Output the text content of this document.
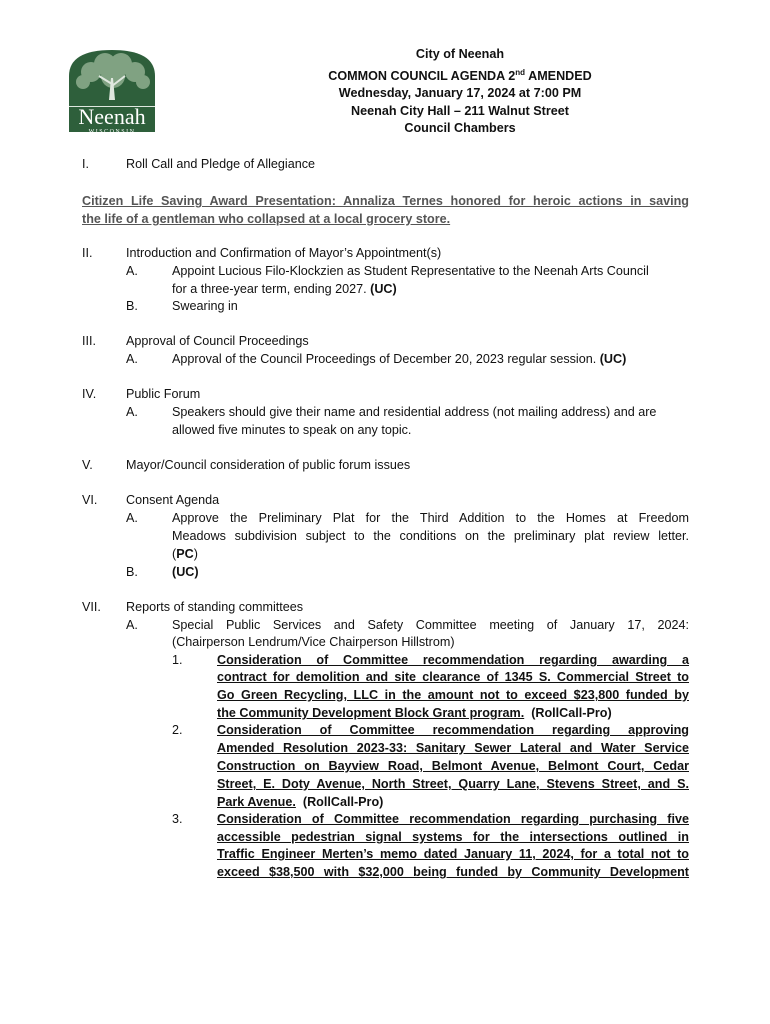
Neenah
WISCONSIN
City of Neenah
COMMON COUNCIL AGENDA 2nd AMENDED
Wednesday, January 17, 2024 at 7:00 PM
Neenah City Hall – 211 Walnut Street
Council Chambers
I.	Roll Call and Pledge of Allegiance
Citizen Life Saving Award Presentation: Annaliza Ternes honored for heroic actions in saving
the life of a gentleman who collapsed at a local grocery store.
II.	Introduction and Confirmation of Mayor’s Appointment(s)
A.	Appoint Lucious Filo-Klockzien as Student Representative to the Neenah Arts Council
for a three-year term, ending 2027. (UC)
B.	Swearing in
III. Approval of Council Proceedings
A.	Approval of the Council Proceedings of December 20, 2023 regular session. (UC)
IV. Public Forum
A.	Speakers should give their name and residential address (not mailing address) and are
allowed five minutes to speak on any topic.
V.	Mayor/Council consideration of public forum issues
VI. Consent Agenda
A.	Approve the Preliminary Plat for the Third Addition to the Homes at Freedom
Meadows subdivision subject to the conditions on the preliminary plat review letter.
(PC)
B.	(UC)
VII. Reports of standing committees
A.	Special Public Services and Safety Committee meeting of January 17, 2024:
(Chairperson Lendrum/Vice Chairperson Hillstrom)
1.	Consideration of Committee recommendation regarding awarding a
contract for demolition and site clearance of 1345 S. Commercial Street to
Go Green Recycling, LLC in the amount not to exceed $23,800 funded by
the Community Development Block Grant program.  (RollCall-Pro)
2.	Consideration of Committee recommendation regarding approving
Amended Resolution 2023-33: Sanitary Sewer Lateral and Water Service
Construction on Bayview Road, Belmont Avenue, Belmont Court, Cedar
Street, E. Doty Avenue, North Street, Quarry Lane, Stevens Street, and S.
Park Avenue.  (RollCall-Pro)
3.	Consideration of Committee recommendation regarding purchasing five
accessible pedestrian signal systems for the intersections outlined in
Traffic Engineer Merten’s memo dated January 11, 2024, for a total not to
exceed $38,500 with $32,000 being funded by Community Development
